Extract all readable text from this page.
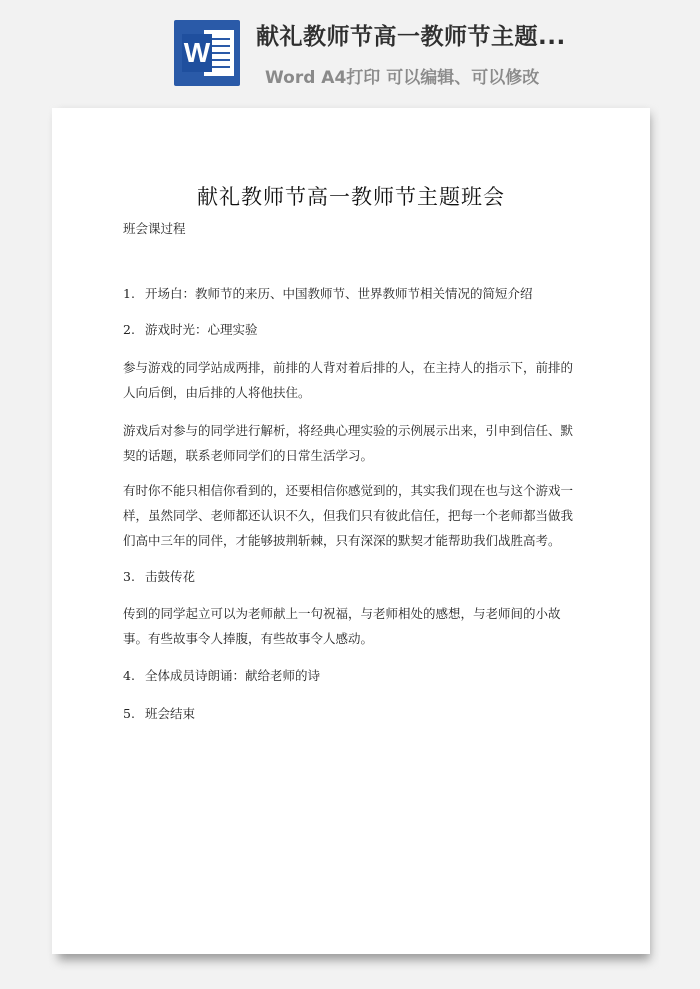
W 献礼教师节高一教师节主题...
Word A4打印 可以编辑、可以修改
献礼教师节高一教师节主题班会
班会课过程
1. 开场白：教师节的来历、中国教师节、世界教师节相关情况的简短介绍
2. 游戏时光：心理实验
参与游戏的同学站成两排，前排的人背对着后排的人，在主持人的指示下，前排的人向后倒，由后排的人将他扶住。
游戏后对参与的同学进行解析，将经典心理实验的示例展示出来，引申到信任、默契的话题，联系老师同学们的日常生活学习。
有时你不能只相信你看到的，还要相信你感觉到的，其实我们现在也与这个游戏一样，虽然同学、老师都还认识不久，但我们只有彼此信任，把每一个老师都当做我们高中三年的同伴，才能够披荆斩棘，只有深深的默契才能帮助我们战胜高考。
3. 击鼓传花
传到的同学起立可以为老师献上一句祝福，与老师相处的感想，与老师间的小故事。有些故事令人捧腹，有些故事令人感动。
4. 全体成员诗朗诵：献给老师的诗
5. 班会结束
